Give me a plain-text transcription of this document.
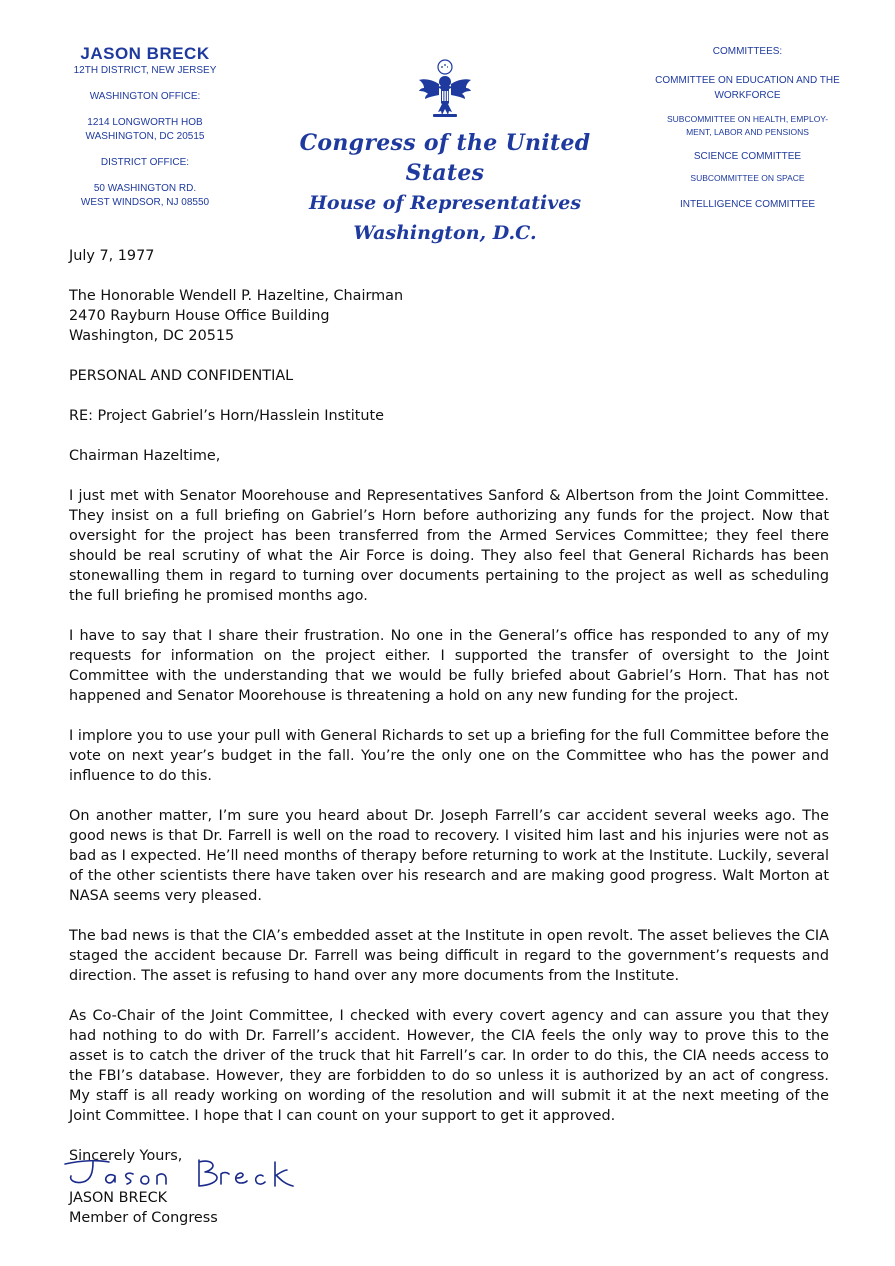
JASON BRECK
12TH DISTRICT, NEW JERSEY
WASHINGTON OFFICE:
1214 LONGWORTH HOB
WASHINGTON, DC 20515
DISTRICT OFFICE:
50 WASHINGTON RD.
WEST WINDSOR, NJ 08550
Congress of the United States
House of Representatives
Washington, D.C.
COMMITTEES:
COMMITTEE ON EDUCATION AND THE
WORKFORCE
SUBCOMMITTEE ON HEALTH, EMPLOY-
MENT, LABOR AND PENSIONS
SCIENCE COMMITTEE
SUBCOMMITTEE ON SPACE
INTELLIGENCE COMMITTEE

July 7, 1977

The Honorable Wendell P. Hazeltine, Chairman

2470 Rayburn House Office Building

Washington, DC 20515

PERSONAL AND CONFIDENTIAL

RE: Project Gabriel’s Horn/Hasslein Institute

Chairman Hazeltime,

I just met with Senator Moorehouse and Representatives Sanford & Albertson from the Joint Committee. They insist on a full briefing on Gabriel’s Horn before authorizing any funds for the project. Now that oversight for the project has been transferred from the Armed Services Committee; they feel there should be real scrutiny of what the Air Force is doing. They also feel that General Richards has been stonewalling them in regard to turning over documents pertaining to the project as well as scheduling the full briefing he promised months ago.

I have to say that I share their frustration. No one in the General’s office has responded to any of my requests for information on the project either. I supported the transfer of oversight to the Joint Committee with the understanding that we would be fully briefed about Gabriel’s Horn. That has not happened and Senator Moorehouse is threatening a hold on any new funding for the project.

I implore you to use your pull with General Richards to set up a briefing for the full Committee before the vote on next year’s budget in the fall. You’re the only one on the Committee who has the power and influence to do this.

On another matter, I’m sure you heard about Dr. Joseph Farrell’s car accident several weeks ago. The good news is that Dr. Farrell is well on the road to recovery. I visited him last and his injuries were not as bad as I expected. He’ll need months of therapy before returning to work at the Institute. Luckily, several of the other scientists there have taken over his research and are making good progress. Walt Morton at NASA seems very pleased.

The bad news is that the CIA’s embedded asset at the Institute in open revolt. The asset believes the CIA staged the accident because Dr. Farrell was being difficult in regard to the government’s requests and direction. The asset is refusing to hand over any more documents from the Institute.

As Co-Chair of the Joint Committee, I checked with every covert agency and can assure you that they had nothing to do with Dr. Farrell’s accident. However, the CIA feels the only way to prove this to the asset is to catch the driver of the truck that hit Farrell’s car. In order to do this, the CIA needs access to the FBI’s database. However, they are forbidden to do so unless it is authorized by an act of congress. My staff is all ready working on wording of the resolution and will submit it at the next meeting of the Joint Committee. I hope that I can count on your support to get it approved.

Sincerely Yours,

JASON BRECK

Member of Congress
